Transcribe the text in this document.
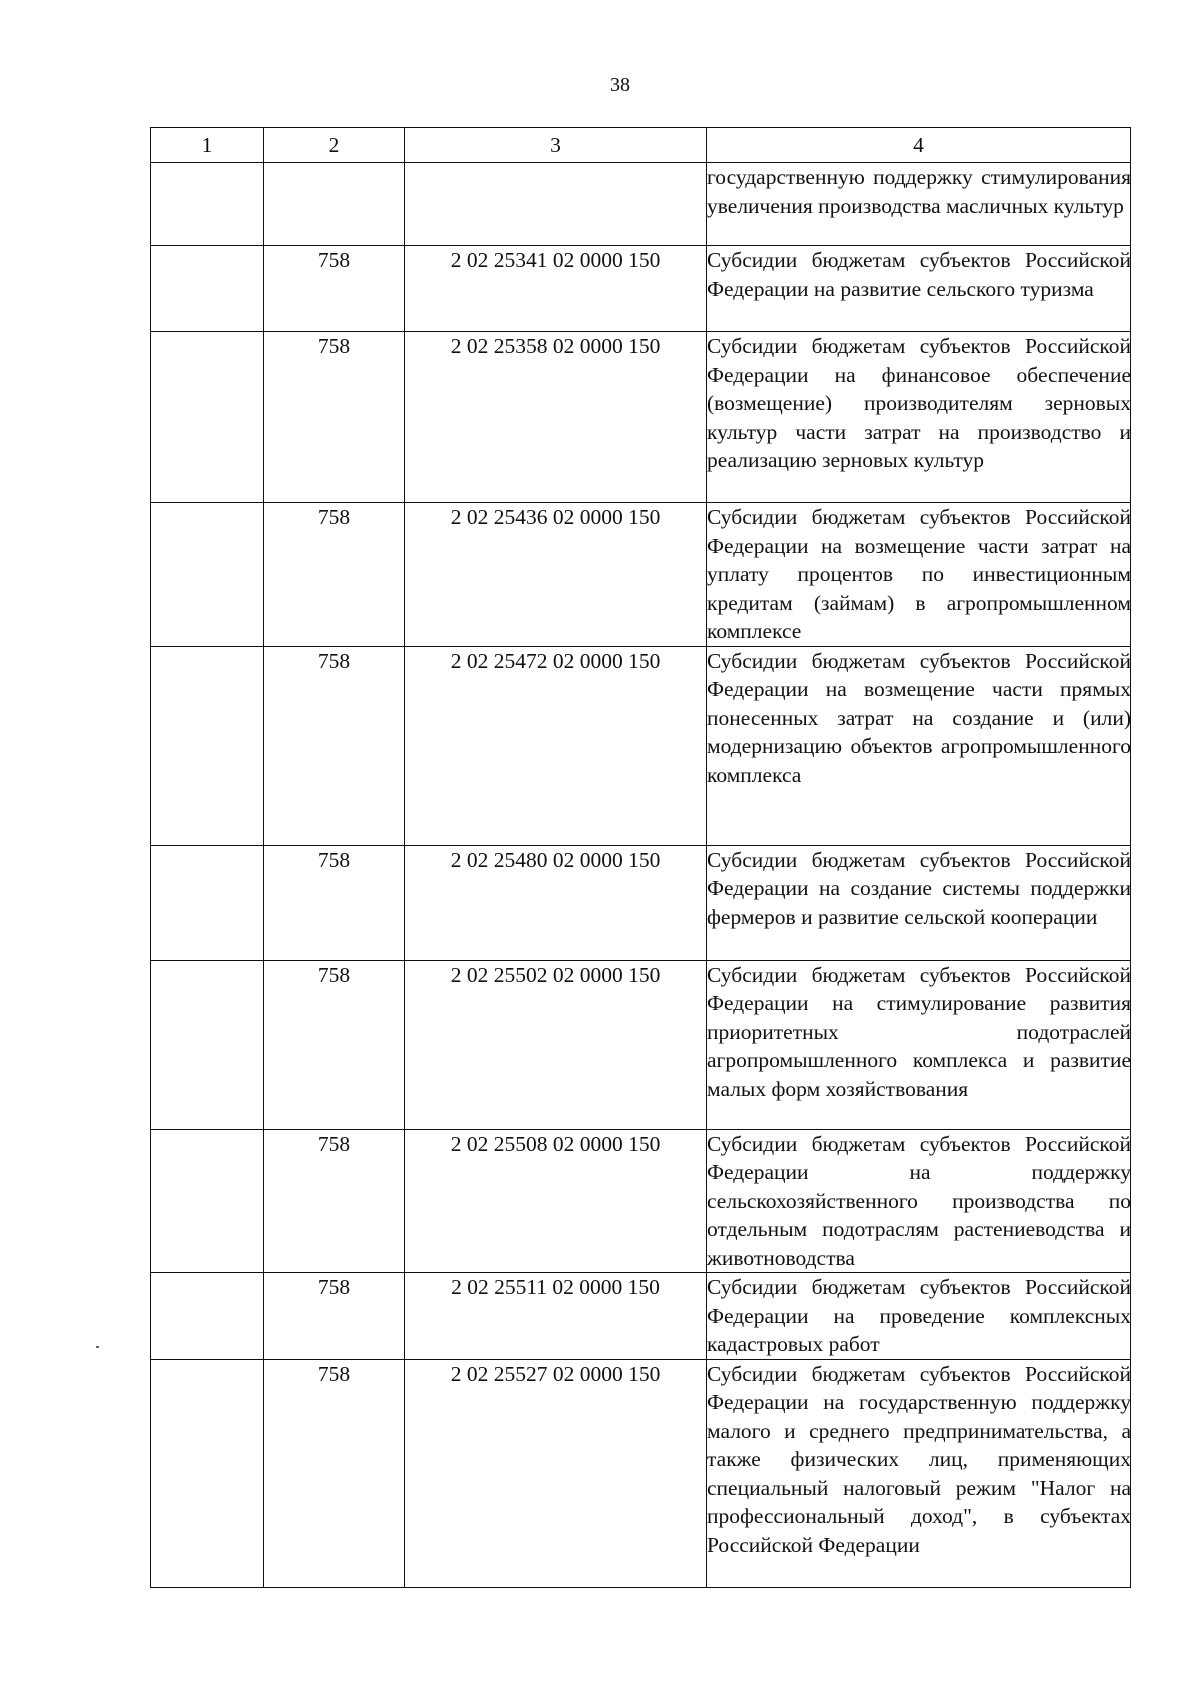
38
1	2	3	4

			государственную поддержку стимулирования увеличения производства масличных культур

	758	2 02 25341 02 0000 150	Субсидии бюджетам субъектов Российской Федерации на развитие сельского туризма

	758	2 02 25358 02 0000 150	Субсидии бюджетам субъектов Российской Федерации на финансовое обеспечение (возмещение) производителям зерновых культур части затрат на производство и реализацию зерновых культур

	758	2 02 25436 02 0000 150	Субсидии бюджетам субъектов Российской Федерации на возмещение части затрат на уплату процентов по инвестиционным кредитам (займам) в агропромышленном комплексе

	758	2 02 25472 02 0000 150	Субсидии бюджетам субъектов Российской Федерации на возмещение части прямых понесенных затрат на создание и (или) модернизацию объектов агропромышленного комплекса

	758	2 02 25480 02 0000 150	Субсидии бюджетам субъектов Российской Федерации на создание системы поддержки фермеров и развитие сельской кооперации

	758	2 02 25502 02 0000 150	Субсидии бюджетам субъектов Российской Федерации на стимулирование развития приоритетных подотраслей агропромышленного комплекса и развитие малых форм хозяйствования

	758	2 02 25508 02 0000 150	Субсидии бюджетам субъектов Российской Федерации на поддержку сельскохозяйственного производства по отдельным подотраслям растениеводства и животноводства

	758	2 02 25511 02 0000 150	Субсидии бюджетам субъектов Российской Федерации на проведение комплексных кадастровых работ

	758	2 02 25527 02 0000 150	Субсидии бюджетам субъектов Российской Федерации на государственную поддержку малого и среднего предпринимательства, а также физических лиц, применяющих специальный налоговый режим "Налог на профессиональный доход", в субъектах Российской Федерации
